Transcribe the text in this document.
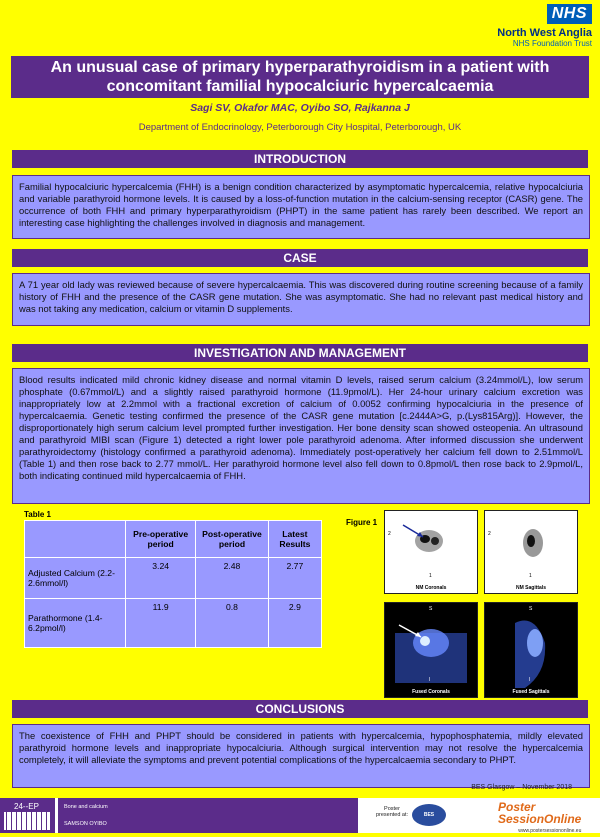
NHS
North West Anglia
NHS Foundation Trust
An unusual case of primary hyperparathyroidism in a patient with
concomitant familial hypocalciuric hypercalcaemia
Sagi SV, Okafor MAC, Oyibo SO, Rajkanna J
Department of Endocrinology, Peterborough City Hospital, Peterborough, UK
INTRODUCTION
Familial hypocalciuric hypercalcemia (FHH) is a benign condition characterized by asymptomatic hypercalcemia, relative hypocalciuria and variable parathyroid hormone levels. It is caused by a loss-of-function mutation in the calcium-sensing receptor (CASR) gene. The occurrence of both FHH and primary hyperparathyroidism (PHPT) in the same patient has rarely been described. We report an interesting case highlighting the challenges involved in diagnosis and management.
CASE
A 71 year old lady was reviewed because of severe hypercalcaemia. This was discovered during routine screening because of a family history of FHH and the presence of the CASR gene mutation. She was asymptomatic. She had no relevant past medical history and was not taking any medication, calcium or vitamin D supplements.
INVESTIGATION AND MANAGEMENT
Blood results indicated mild chronic kidney disease and normal vitamin D levels, raised serum calcium (3.24mmol/L), low serum phosphate (0.67mmol/L) and a slightly raised parathyroid hormone (11.9pmol/L). Her 24-hour urinary calcium excretion was inappropriately low at 2.2mmol with a fractional excretion of calcium of 0.0052 confirming hypocalciuria in the presence of hypercalcaemia. Genetic testing confirmed the presence of the CASR gene mutation [c.2444A>G, p.(Lys815Arg)]. However, the disproportionately high serum calcium level prompted further investigation. Her bone density scan showed osteopenia. An ultrasound and parathyroid MIBI scan (Figure 1) detected a right lower pole parathyroid adenoma. After informed discussion she underwent parathyroidectomy (histology confirmed a parathyroid adenoma). Immediately post-operatively her calcium fell down to 2.51mmol/L (Table 1) and then rose back to 2.77 mmol/L. Her parathyroid hormone level also fell down to 0.8pmol/L then rose back to 2.9pmol/L, both indicating continued mild hypercalcaemia of FHH.
Table 1
	Pre-operative period	Post-operative period	Latest Results
Adjusted Calcium (2.2-2.6mmol/l)	3.24	2.48	2.77
Parathormone (1.4-6.2pmol/l)	11.9	0.8	2.9
Figure 1
2
1
NM Coronals
2
1
NM Sagittals
S
I
Fused Coronals
S
I
Fused Sagittals
CONCLUSIONS
The coexistence of FHH and PHPT should be considered in patients with hypercalcemia, hypophosphatemia, mildly elevated parathyroid hormone levels and inappropriate hypocalciuria. Although surgical intervention may not resolve the hypercalcemia completely, it will alleviate the symptoms and prevent potential complications of the hypercalcaemia secondary to PHPT.
BES Glasgow – November 2018
24--EP	Bone and calcium
SAMSON OYIBO
Poster presented at:	BES
Poster
SessionOnline
www.postersessiononline.eu
